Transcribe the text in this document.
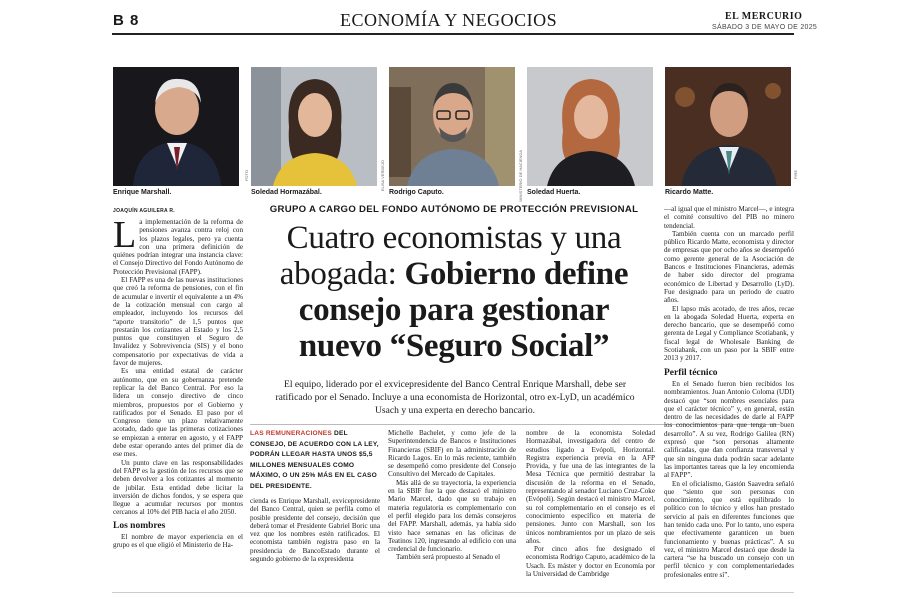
B 8	ECONOMÍA Y NEGOCIOS	EL MERCURIO
SÁBADO 3 DE MAYO DE 2025
FOTO	ELISA VERDEJO	MINISTERIO DE HACIENDA	FIRE
Enrique Marshall.	Soledad Hormazábal.	Rodrigo Caputo.	Soledad Huerta.	Ricardo Matte.
JOAQUÍN AGUILERA R.	GRUPO A CARGO DEL FONDO AUTÓNOMO DE PROTECCIÓN PREVISIONAL
Cuatro economistas y una abogada: Gobierno define consejo para gestionar nuevo “Seguro Social”
El equipo, liderado por el exvicepresidente del Banco Central Enrique Marshall, debe ser ratificado por el Senado. Incluye a una economista de Horizontal, otro ex-LyD, un académico Usach y una experta en derecho bancario.
LAS REMUNERACIONES DEL CONSEJO, DE ACUERDO CON LA LEY, PODRÁN LLEGAR HASTA UNOS $5,5 MILLONES MENSUALES COMO MÁXIMO, O UN 25% MÁS EN EL CASO DEL PRESIDENTE.

La implementación de la reforma de pensiones avanza contra reloj con los plazos legales, pero ya cuenta con una primera definición de quiénes podrían integrar una instancia clave: el Consejo Directivo del Fondo Autónomo de Protección Previsional (FAPP).

El FAPP es una de las nuevas instituciones que creó la reforma de pensiones, con el fin de acumular e invertir el equivalente a un 4% de la cotización mensual con cargo al empleador, incluyendo los recursos del “aporte transitorio” de 1,5 puntos que prestarán los cotizantes al Estado y los 2,5 puntos que constituyen el Seguro de Invalidez y Sobrevivencia (SIS) y el bono compensatorio por expectativas de vida a favor de mujeres.

Es una entidad estatal de carácter autónomo, que en su gobernanza pretende replicar la del Banco Central. Por eso la lidera un consejo directivo de cinco miembros, propuestos por el Gobierno y ratificados por el Senado. El paso por el Congreso tiene un plazo relativamente acotado, dado que las primeras cotizaciones se empiezan a enterar en agosto, y el FAPP debe estar operando antes del primer día de ese mes.

Un punto clave en las responsabilidades del FAPP es la gestión de los recursos que se deben devolver a los cotizantes al momento de jubilar. Esta entidad debe licitar la inversión de dichos fondos, y se espera que llegue a acumular recursos por montos cercanos al 10% del PIB hacia el año 2050.

Los nombres

El nombre de mayor experiencia en el grupo es el que eligió el Ministerio de Ha-

cienda es Enrique Marshall, exvicepresidente del Banco Central, quien se perfila como el posible presidente del consejo, decisión que deberá tomar el Presidente Gabriel Boric una vez que los nombres estén ratificados. El economista también registra paso en la presidencia de BancoEstado durante el segundo gobierno de la expresidenta

Michelle Bachelet, y como jefe de la Superintendencia de Bancos e Instituciones Financieras (SBIF) en la administración de Ricardo Lagos. En lo más reciente, también se desempeñó como presidente del Consejo Consultivo del Mercado de Capitales.

Más allá de su trayectoria, la experiencia en la SBIF fue la que destacó el ministro Mario Marcel, dado que su trabajo en materia regulatoria es complementario con el perfil elegido para los demás consejeros del FAPP. Marshall, además, ya había sido visto hace semanas en las oficinas de Teatinos 120, ingresando al edificio con una credencial de funcionario.

También será propuesto al Senado el

nombre de la economista Soledad Hormazábal, investigadora del centro de estudios ligado a Evópoli, Horizontal. Registra experiencia previa en la AFP Provida, y fue una de las integrantes de la Mesa Técnica que permitió destrabar la discusión de la reforma en el Senado, representando al senador Luciano Cruz-Coke (Evópoli). Según destacó el ministro Marcel, su rol complementario en el consejo es el conocimiento específico en materia de pensiones. Junto con Marshall, son los únicos nombramientos por un plazo de seis años.

Por cinco años fue designado el economista Rodrigo Caputo, académico de la Usach. Es máster y doctor en Economía por la Universidad de Cambridge

—al igual que el ministro Marcel—, e integra el comité consultivo del PIB no minero tendencial.

También cuenta con un marcado perfil público Ricardo Matte, economista y director de empresas que por ocho años se desempeñó como gerente general de la Asociación de Bancos e Instituciones Financieras, además de haber sido director del programa económico de Libertad y Desarrollo (LyD). Fue designado para un periodo de cuatro años.

El lapso más acotado, de tres años, recae en la abogada Soledad Huerta, experta en derecho bancario, que se desempeñó como gerenta de Legal y Compliance Scotiabank, y fiscal legal de Wholesale Banking de Scotiabank, con un paso por la SBIF entre 2013 y 2017.

Perfil técnico

En el Senado fueron bien recibidos los nombramientos. Juan Antonio Coloma (UDI) destacó que “son nombres esenciales para que el carácter técnico” y, en general, están dentro de las necesidades de darle al FAPP los conocimientos para que tenga un buen desarrollo”. A su vez, Rodrigo Galilea (RN) expresó que “son personas altamente calificadas, que dan confianza transversal y que sin ninguna duda podrán sacar adelante las importantes tareas que la ley encomienda al FAPP”.

En el oficialismo, Gastón Saavedra señaló que “siento que son personas con conocimiento, que está equilibrado lo político con lo técnico y ellos han prestado servicio al país en diferentes funciones que han tenido cada uno. Por lo tanto, uno espera que efectivamente garanticen un buen funcionamiento y buenas prácticas”. A su vez, el ministro Marcel destacó que desde la cartera “se ha buscado un consejo con un perfil técnico y con complementariedades profesionales entre sí”.
